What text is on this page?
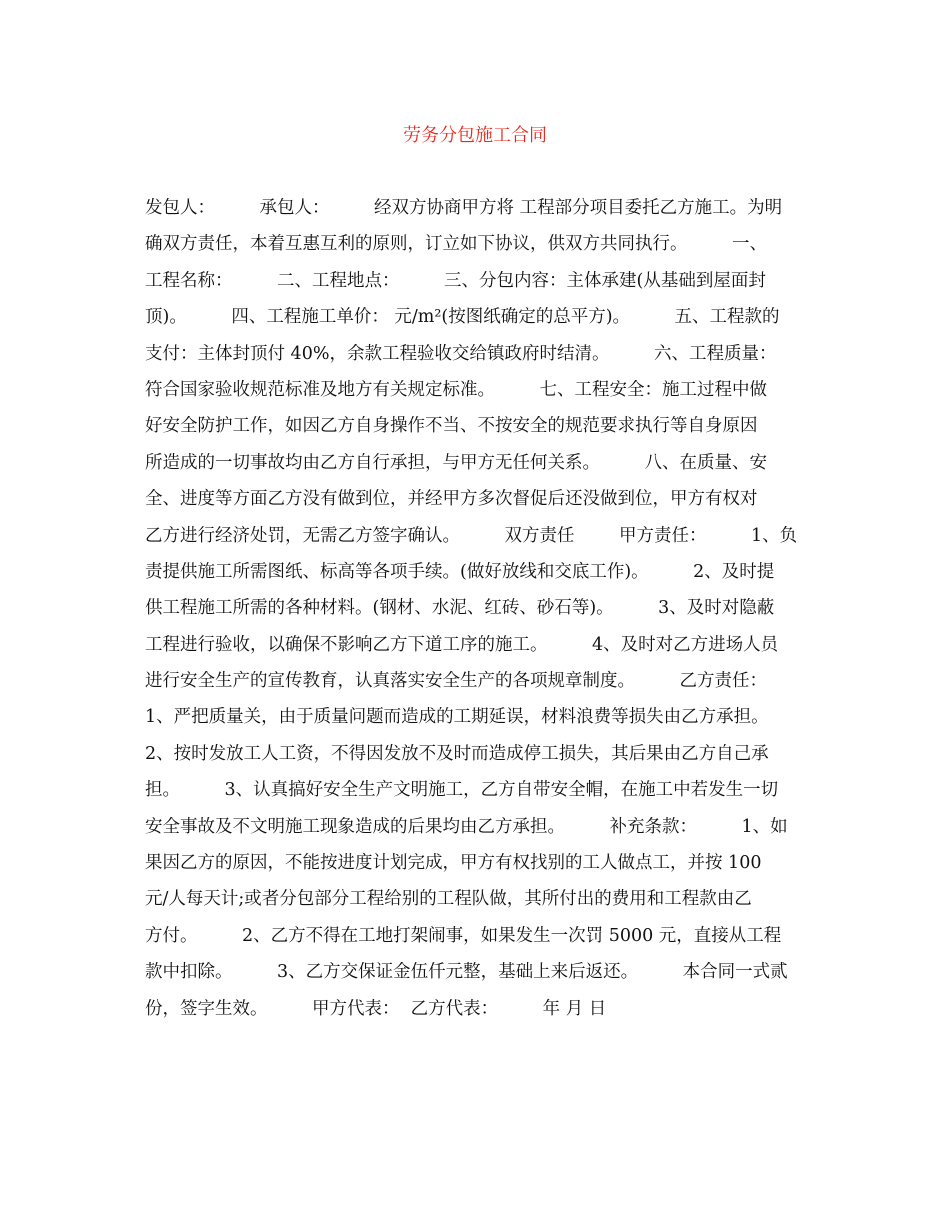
劳务分包施工合同
发包人：        承包人：        经双方协商甲方将 工程部分项目委托乙方施工。为明
确双方责任，本着互惠互利的原则，订立如下协议，供双方共同执行。        一、
工程名称：        二、工程地点：        三、分包内容：主体承建(从基础到屋面封
顶)。        四、工程施工单价： 元/m²(按图纸确定的总平方)。        五、工程款的
支付：主体封顶付 40%，余款工程验收交给镇政府时结清。        六、工程质量：
符合国家验收规范标准及地方有关规定标准。        七、工程安全：施工过程中做
好安全防护工作，如因乙方自身操作不当、不按安全的规范要求执行等自身原因
所造成的一切事故均由乙方自行承担，与甲方无任何关系。        八、在质量、安
全、进度等方面乙方没有做到位，并经甲方多次督促后还没做到位，甲方有权对
乙方进行经济处罚，无需乙方签字确认。        双方责任        甲方责任：        1、负
责提供施工所需图纸、标高等各项手续。(做好放线和交底工作)。        2、及时提
供工程施工所需的各种材料。(钢材、水泥、红砖、砂石等)。        3、及时对隐蔽
工程进行验收，以确保不影响乙方下道工序的施工。        4、及时对乙方进场人员
进行安全生产的宣传教育，认真落实安全生产的各项规章制度。        乙方责任：
1、严把质量关，由于质量问题而造成的工期延误，材料浪费等损失由乙方承担。
2、按时发放工人工资，不得因发放不及时而造成停工损失，其后果由乙方自己承
担。        3、认真搞好安全生产文明施工，乙方自带安全帽，在施工中若发生一切
安全事故及不文明施工现象造成的后果均由乙方承担。        补充条款：        1、如
果因乙方的原因，不能按进度计划完成，甲方有权找别的工人做点工，并按 100
元/人每天计;或者分包部分工程给别的工程队做，其所付出的费用和工程款由乙
方付。        2、乙方不得在工地打架闹事，如果发生一次罚 5000 元，直接从工程
款中扣除。        3、乙方交保证金伍仟元整，基础上来后返还。        本合同一式贰
份，签字生效。        甲方代表：  乙方代表：        年 月 日
